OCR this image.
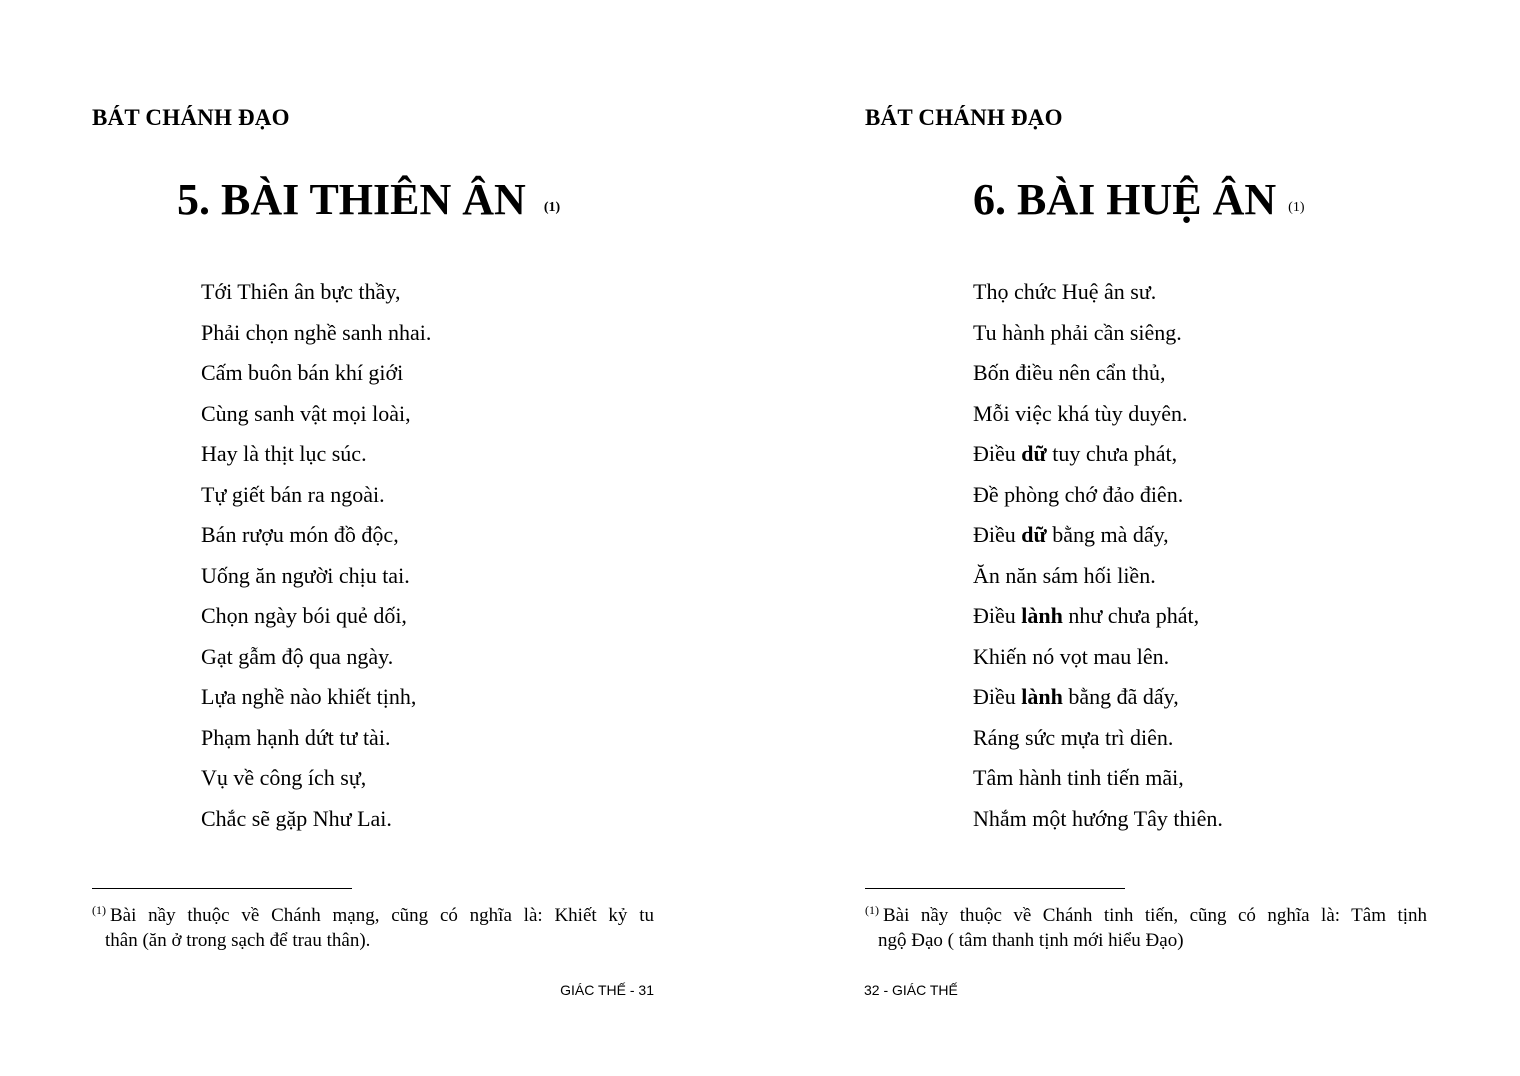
BÁT CHÁNH ĐẠO
5. BÀI THIÊN ÂN (1)
Tới Thiên ân bực thầy,
Phải chọn nghề sanh nhai.
Cấm buôn bán khí giới
Cùng sanh vật mọi loài,
Hay là thịt lục súc.
Tự giết bán ra ngoài.
Bán rượu món đồ độc,
Uống ăn người chịu tai.
Chọn ngày bói quẻ dối,
Gạt gẫm độ qua ngày.
Lựa nghề nào khiết tịnh,
Phạm hạnh dứt tư tài.
Vụ về công ích sự,
Chắc sẽ gặp Như Lai.
$^{(1)}$ Bài nầy thuộc về Chánh mạng, cũng có nghĩa là: Khiết kỷ tu
thân (ăn ở trong sạch để trau thân).
GIÁC THẾ - 31
BÁT CHÁNH ĐẠO
6. BÀI HUỆ ÂN (1)
Thọ chức Huệ ân sư.
Tu hành phải cần siêng.
Bốn điều nên cẩn thủ,
Mỗi việc khá tùy duyên.
Điều dữ tuy chưa phát,
Đề phòng chớ đảo điên.
Điều dữ bằng mà dấy,
Ăn năn sám hối liền.
Điều lành như chưa phát,
Khiến nó vọt mau lên.
Điều lành bằng đã dấy,
Ráng sức mựa trì diên.
Tâm hành tinh tiến mãi,
Nhắm một hướng Tây thiên.
$^{(1)}$ Bài nầy thuộc về Chánh tinh tiến, cũng có nghĩa là: Tâm tịnh
ngộ Đạo ( tâm thanh tịnh mới hiểu Đạo)
32 - GIÁC THẾ
